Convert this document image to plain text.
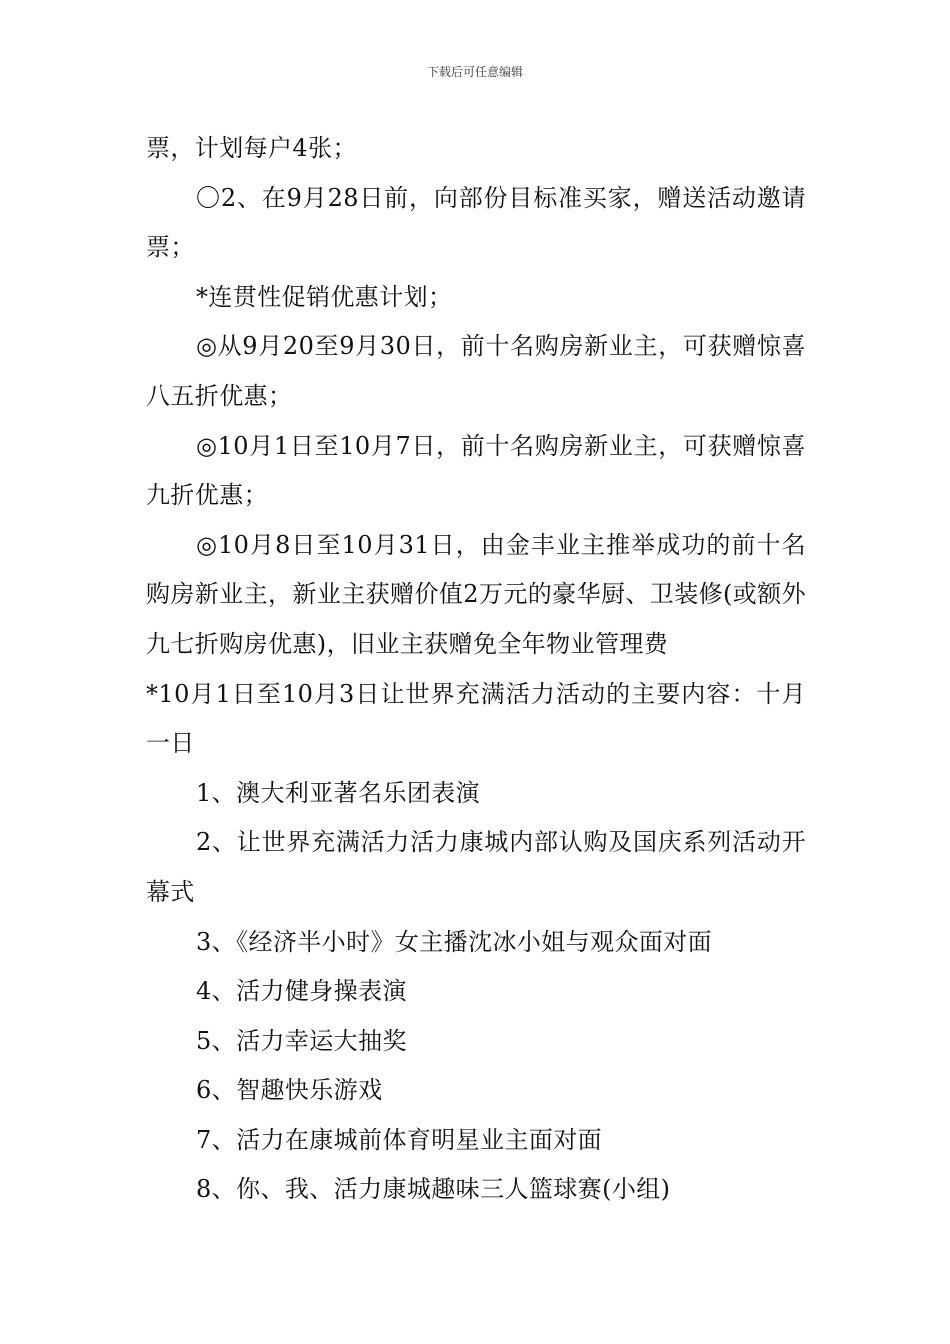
下载后可任意编辑

票，计划每户4张；

〇2、在9月28日前，向部份目标准买家，赠送活动邀请票；

*连贯性促销优惠计划；

◎从9月20至9月30日，前十名购房新业主，可获赠惊喜八五折优惠；

◎10月1日至10月7日，前十名购房新业主，可获赠惊喜九折优惠；

◎10月8日至10月31日，由金丰业主推举成功的前十名购房新业主，新业主获赠价值2万元的豪华厨、卫装修(或额外九七折购房优惠)，旧业主获赠免全年物业管理费

*10月1日至10月3日让世界充满活力活动的主要内容：十月一日

1、澳大利亚著名乐团表演

2、让世界充满活力活力康城内部认购及国庆系列活动开幕式

3、《经济半小时》女主播沈冰小姐与观众面对面

4、活力健身操表演

5、活力幸运大抽奖

6、智趣快乐游戏

7、活力在康城前体育明星业主面对面

8、你、我、活力康城趣味三人篮球赛(小组)
